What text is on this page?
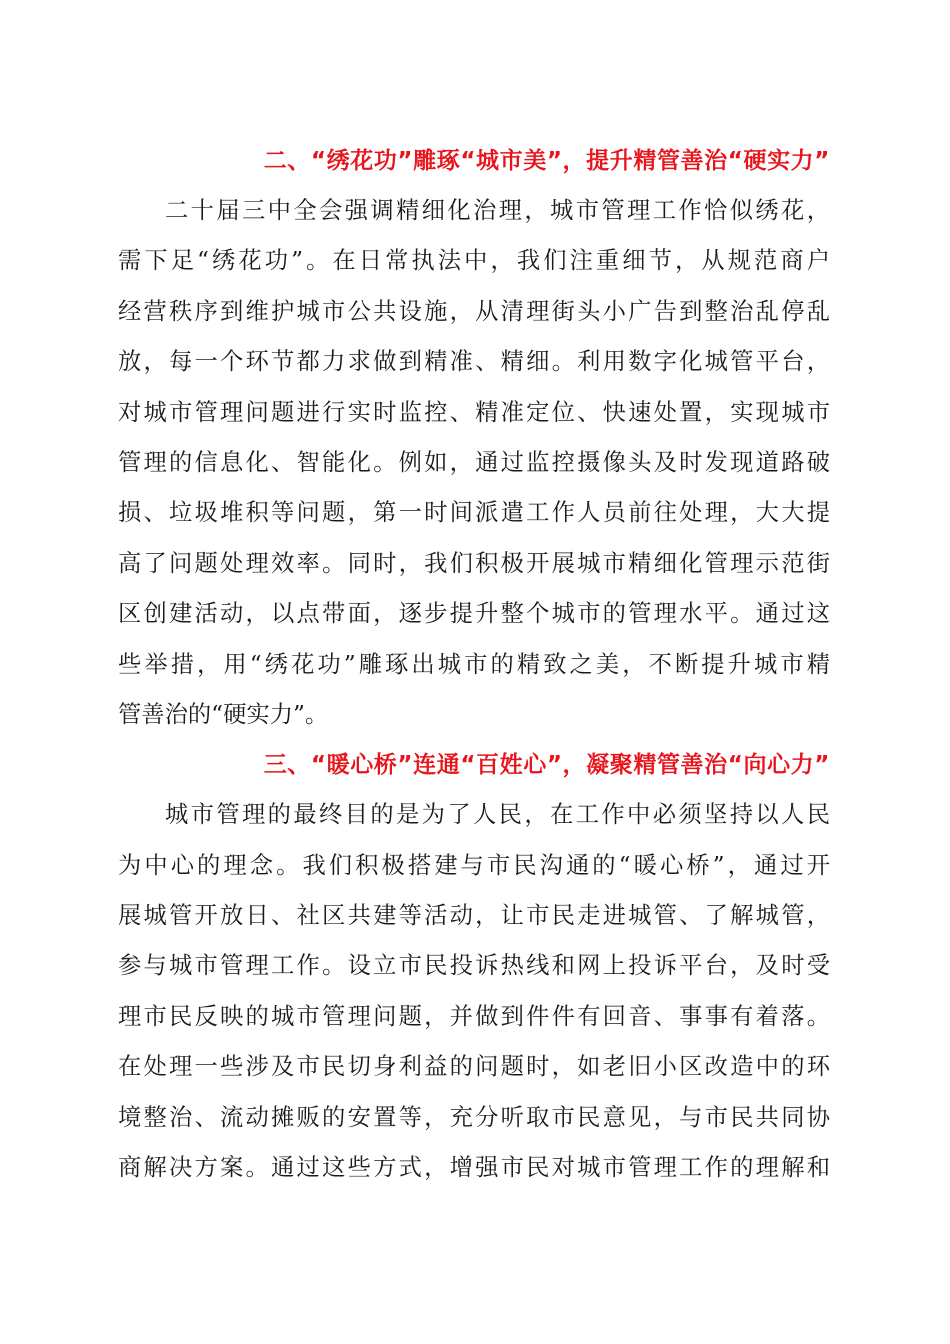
二、“绣花功”雕琢“城市美”，提升精管善治“硬实力”
二十届三中全会强调精细化治理，城市管理工作恰似绣花，
需下足“绣花功”。在日常执法中，我们注重细节，从规范商户
经营秩序到维护城市公共设施，从清理街头小广告到整治乱停乱
放，每一个环节都力求做到精准、精细。利用数字化城管平台，
对城市管理问题进行实时监控、精准定位、快速处置，实现城市
管理的信息化、智能化。例如，通过监控摄像头及时发现道路破
损、垃圾堆积等问题，第一时间派遣工作人员前往处理，大大提
高了问题处理效率。同时，我们积极开展城市精细化管理示范街
区创建活动，以点带面，逐步提升整个城市的管理水平。通过这
些举措，用“绣花功”雕琢出城市的精致之美，不断提升城市精
管善治的“硬实力”。
三、“暖心桥”连通“百姓心”，凝聚精管善治“向心力”
城市管理的最终目的是为了人民，在工作中必须坚持以人民
为中心的理念。我们积极搭建与市民沟通的“暖心桥”，通过开
展城管开放日、社区共建等活动，让市民走进城管、了解城管，
参与城市管理工作。设立市民投诉热线和网上投诉平台，及时受
理市民反映的城市管理问题，并做到件件有回音、事事有着落。
在处理一些涉及市民切身利益的问题时，如老旧小区改造中的环
境整治、流动摊贩的安置等，充分听取市民意见，与市民共同协
商解决方案。通过这些方式，增强市民对城市管理工作的理解和
